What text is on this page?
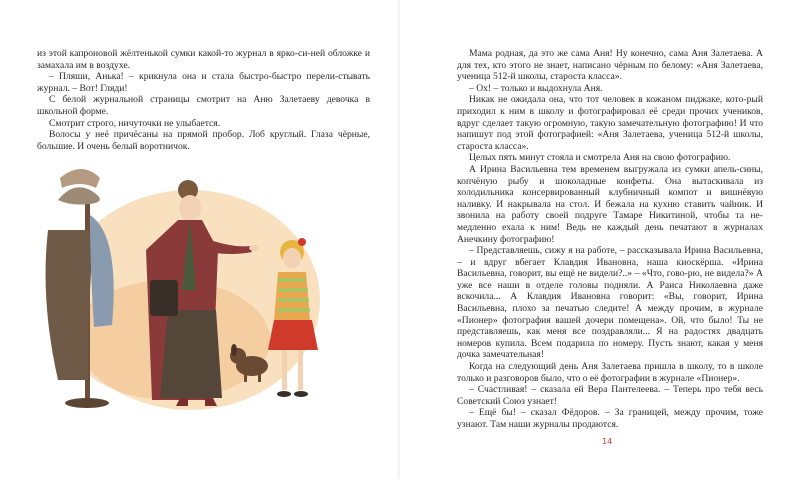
из этой капроновой жёлтенькой сумки какой-то журнал в ярко-си-ней обложке и замахала им в воздухе.

– Пляши, Анька! – крикнула она и стала быстро-быстро перели-стывать журнал. – Вот! Гляди!

С белой журнальной страницы смотрит на Аню Залетаеву девочка в школьной форме.

Смотрит строго, ничуточки не улыбается.

Волосы у неё причёсаны на прямой пробор. Лоб круглый. Глаза чёрные, большие. И очень белый воротничок.

Мама родная, да это же сама Аня! Ну конечно, сама Аня Залетаева. А для тех, кто этого не знает, написано чёрным по белому: «Аня Залетаева, ученица 512-й школы, староста класса».

– Ох! – только и выдохнула Аня.

Никак не ожидала она, что тот человек в кожаном пиджаке, кото-рый приходил к ним в школу и фотографировал её среди прочих учеников, вдруг сделает такую огромную, такую замечательную фотографию! И что напишут под этой фотографией: «Аня Залетаева, ученица 512-й школы, староста класса».

Целых пять минут стояла и смотрела Аня на свою фотографию.

А Ирина Васильевна тем временем выгружала из сумки апель-сины, копчёную рыбу и шоколадные конфеты. Она вытаскивала из холодильника консервированный клубничный компот и вишнёвую наливку. И накрывала на стол. И бежала на кухню ставить чайник. И звонила на работу своей подруге Тамаре Никитиной, чтобы та не-медленно ехала к ним! Ведь не каждый день печатают в журналах Анечкину фотографию!

– Представляешь, сижу я на работе, – рассказывала Ирина Васильевна, – и вдруг вбегает Клавдия Ивановна, наша киоскёрша. «Ирина Васильевна, говорит, вы ещё не видели?..» – «Что, гово-рю, не видела?» А уже все наши в отделе головы подняли. А Раиса Николаевна даже вскочила... А Клавдия Ивановна говорит: «Вы, говорит, Ирина Васильевна, плохо за печатью следите! А между прочим, в журнале «Пионер» фотография вашей дочери помещена». Ой, что было! Ты не представляешь, как меня все поздравляли... Я на радостях двадцать номеров купила. Всем подарила по номеру. Пусть знают, какая у меня дочка замечательная!

Когда на следующий день Аня Залетаева пришла в школу, то в школе только и разговоров было, что о её фотографии в журнале «Пионер».

– Счастливая! – сказала ей Вера Пантелеева. – Теперь про тебя весь Советский Союз узнает!

– Ещё бы! – сказал Фёдоров. – За границей, между прочим, тоже узнают. Там наши журналы продаются.

14
